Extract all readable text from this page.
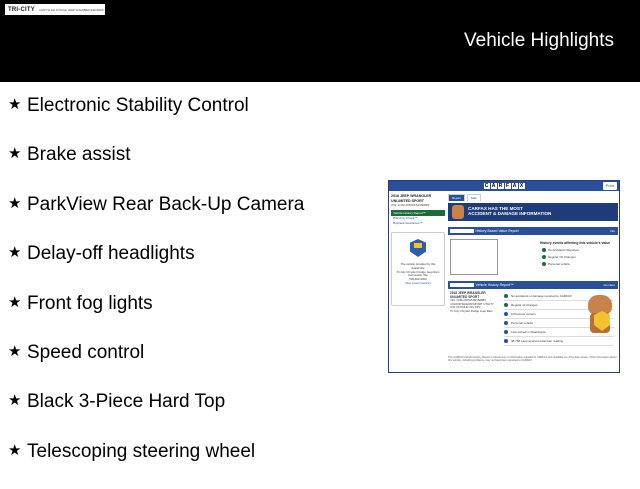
TRI-CITY CHRYSLER DODGE JEEP RAM (509) 942-9000
Vehicle Highlights
★ Electronic Stability Control
★ Brake assist
★ ParkView Rear Back-Up Camera
★ Delay-off headlights
★ Front fog lights
★ Speed control
★ Black 3-Piece Hard Top
★ Telescoping steering wheel
C A R F A X	Print
2018 JEEP WRANGLER
UNLIMITED SPORT
VIN: 1C4HJXDG5JW150883
Vehicle History Report™
Warranty Check™
Buyback Guarantee™
The vehicle provided by this dealership
Tri-City Chrysler Dodge Jeep Ram
Kennewick, WA
509-942-9000
View Local Inventory
Report	Map
CARFAX HAS THE MOST
ACCIDENT & DAMAGE INFORMATION
History-Based Value Report	Info
History events affecting this vehicle's value
No Accidents Reported
Regular Oil Changes
Personal vehicle
Vehicle History Report™	Go Here
2018 JEEP WRANGLER UNLIMITED SPORT
VIN: 1C4HJXDG5JW150883
4 DOOR WAGON/SPORT UTILITY
3.6L V6 DOHC 24V FFV
Tri-City Chrysler Dodge Jeep Ram
No accidents or damage reported to CARFAX
Regular oil changes
8 Previous owners
Personal vehicle
Last owned in Washington
48,780 Last reported odometer reading
The CARFAX Vehicle History Report is based only on information supplied to CARFAX and available as of the date shown. Other information about this vehicle, including problems, may not have been reported to CARFAX.
